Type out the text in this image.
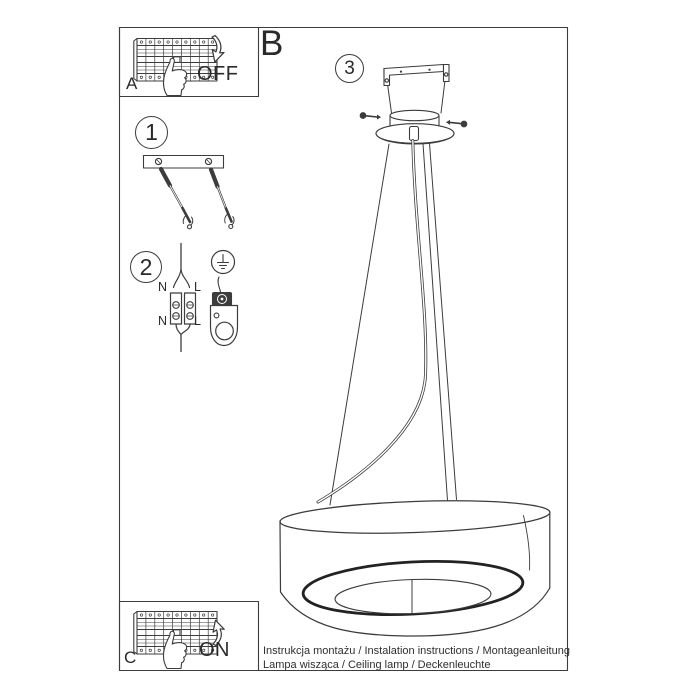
A	OFF
B
1
2
3
N L
N L
C	ON	Instrukcja montażu / Instalation instructions / Montageanleitung
Lampa wisząca / Ceiling lamp / Deckenleuchte
